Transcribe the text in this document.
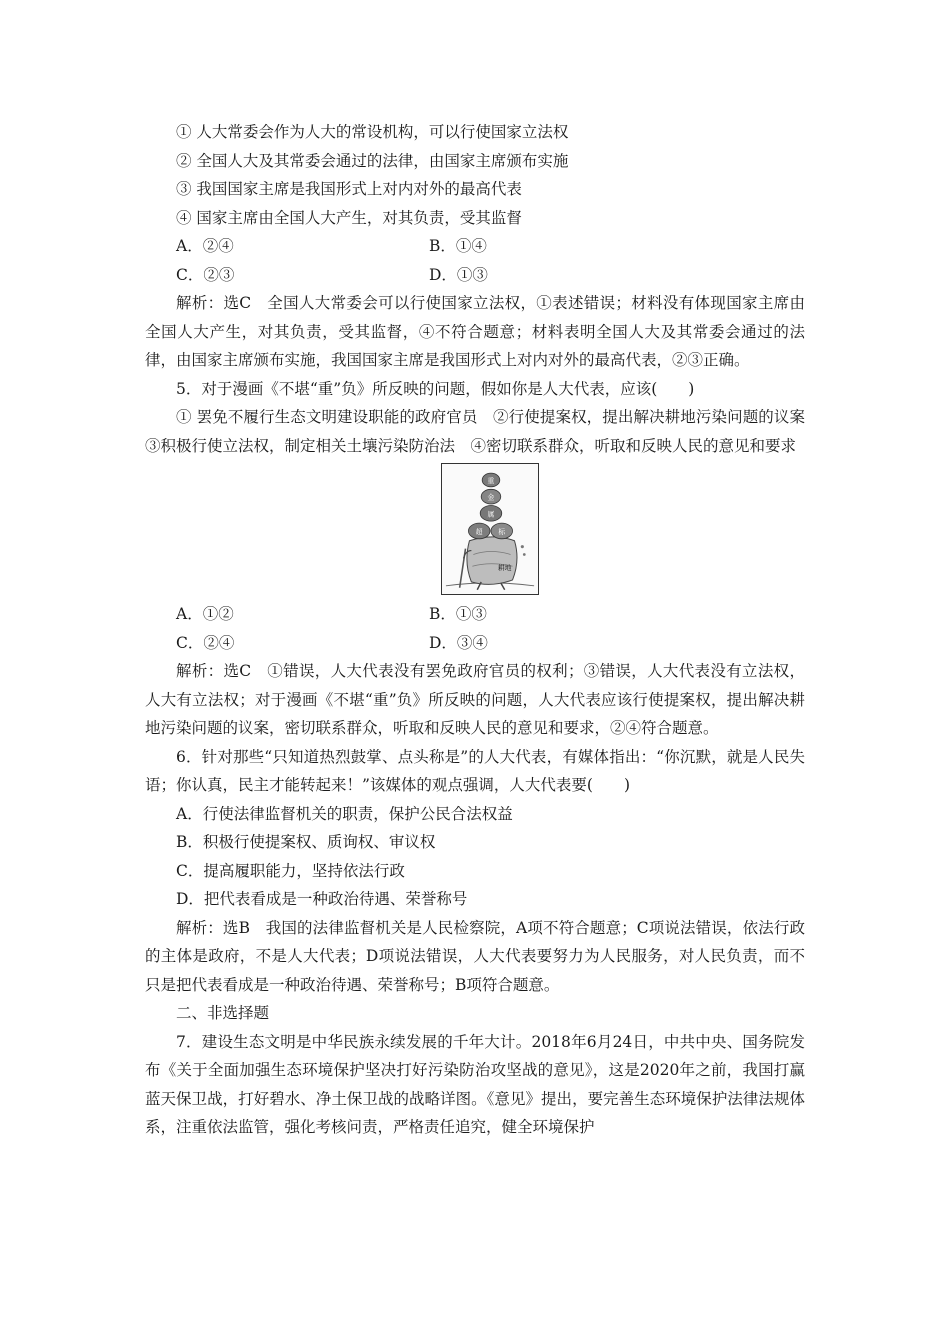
① 人大常委会作为人大的常设机构，可以行使国家立法权
② 全国人大及其常委会通过的法律，由国家主席颁布实施
③ 我国国家主席是我国形式上对内对外的最高代表
④ 国家主席由全国人大产生，对其负责，受其监督
A．②④	B．①④
C．②③	D．①③
解析：选C　全国人大常委会可以行使国家立法权，①表述错误；材料没有体现国家主席由全国人大产生，对其负责，受其监督，④不符合题意；材料表明全国人大及其常委会通过的法律，由国家主席颁布实施，我国国家主席是我国形式上对内对外的最高代表，②③正确。
5．对于漫画《不堪“重”负》所反映的问题，假如你是人大代表，应该(　　)
① 罢免不履行生态文明建设职能的政府官员　②行使提案权，提出解决耕地污染问题的议案　③积极行使立法权，制定相关土壤污染防治法　④密切联系群众，听取和反映人民的意见和要求
重
金
属
超 标
耕地
A．①②	B．①③
C．②④	D．③④
解析：选C　①错误，人大代表没有罢免政府官员的权利；③错误，人大代表没有立法权，人大有立法权；对于漫画《不堪“重”负》所反映的问题，人大代表应该行使提案权，提出解决耕地污染问题的议案，密切联系群众，听取和反映人民的意见和要求，②④符合题意。
6．针对那些“只知道热烈鼓掌、点头称是”的人大代表，有媒体指出：“你沉默，就是人民失语；你认真，民主才能转起来！”该媒体的观点强调，人大代表要(　　)
A．行使法律监督机关的职责，保护公民合法权益
B．积极行使提案权、质询权、审议权
C．提高履职能力，坚持依法行政
D．把代表看成是一种政治待遇、荣誉称号
解析：选B　我国的法律监督机关是人民检察院，A项不符合题意；C项说法错误，依法行政的主体是政府，不是人大代表；D项说法错误，人大代表要努力为人民服务，对人民负责，而不只是把代表看成是一种政治待遇、荣誉称号；B项符合题意。
二、非选择题
7．建设生态文明是中华民族永续发展的千年大计。2018年6月24日，中共中央、国务院发布《关于全面加强生态环境保护坚决打好污染防治攻坚战的意见》，这是2020年之前，我国打赢蓝天保卫战，打好碧水、净土保卫战的战略详图。《意见》提出，要完善生态环境保护法律法规体系，注重依法监管，强化考核问责，严格责任追究，健全环境保护
